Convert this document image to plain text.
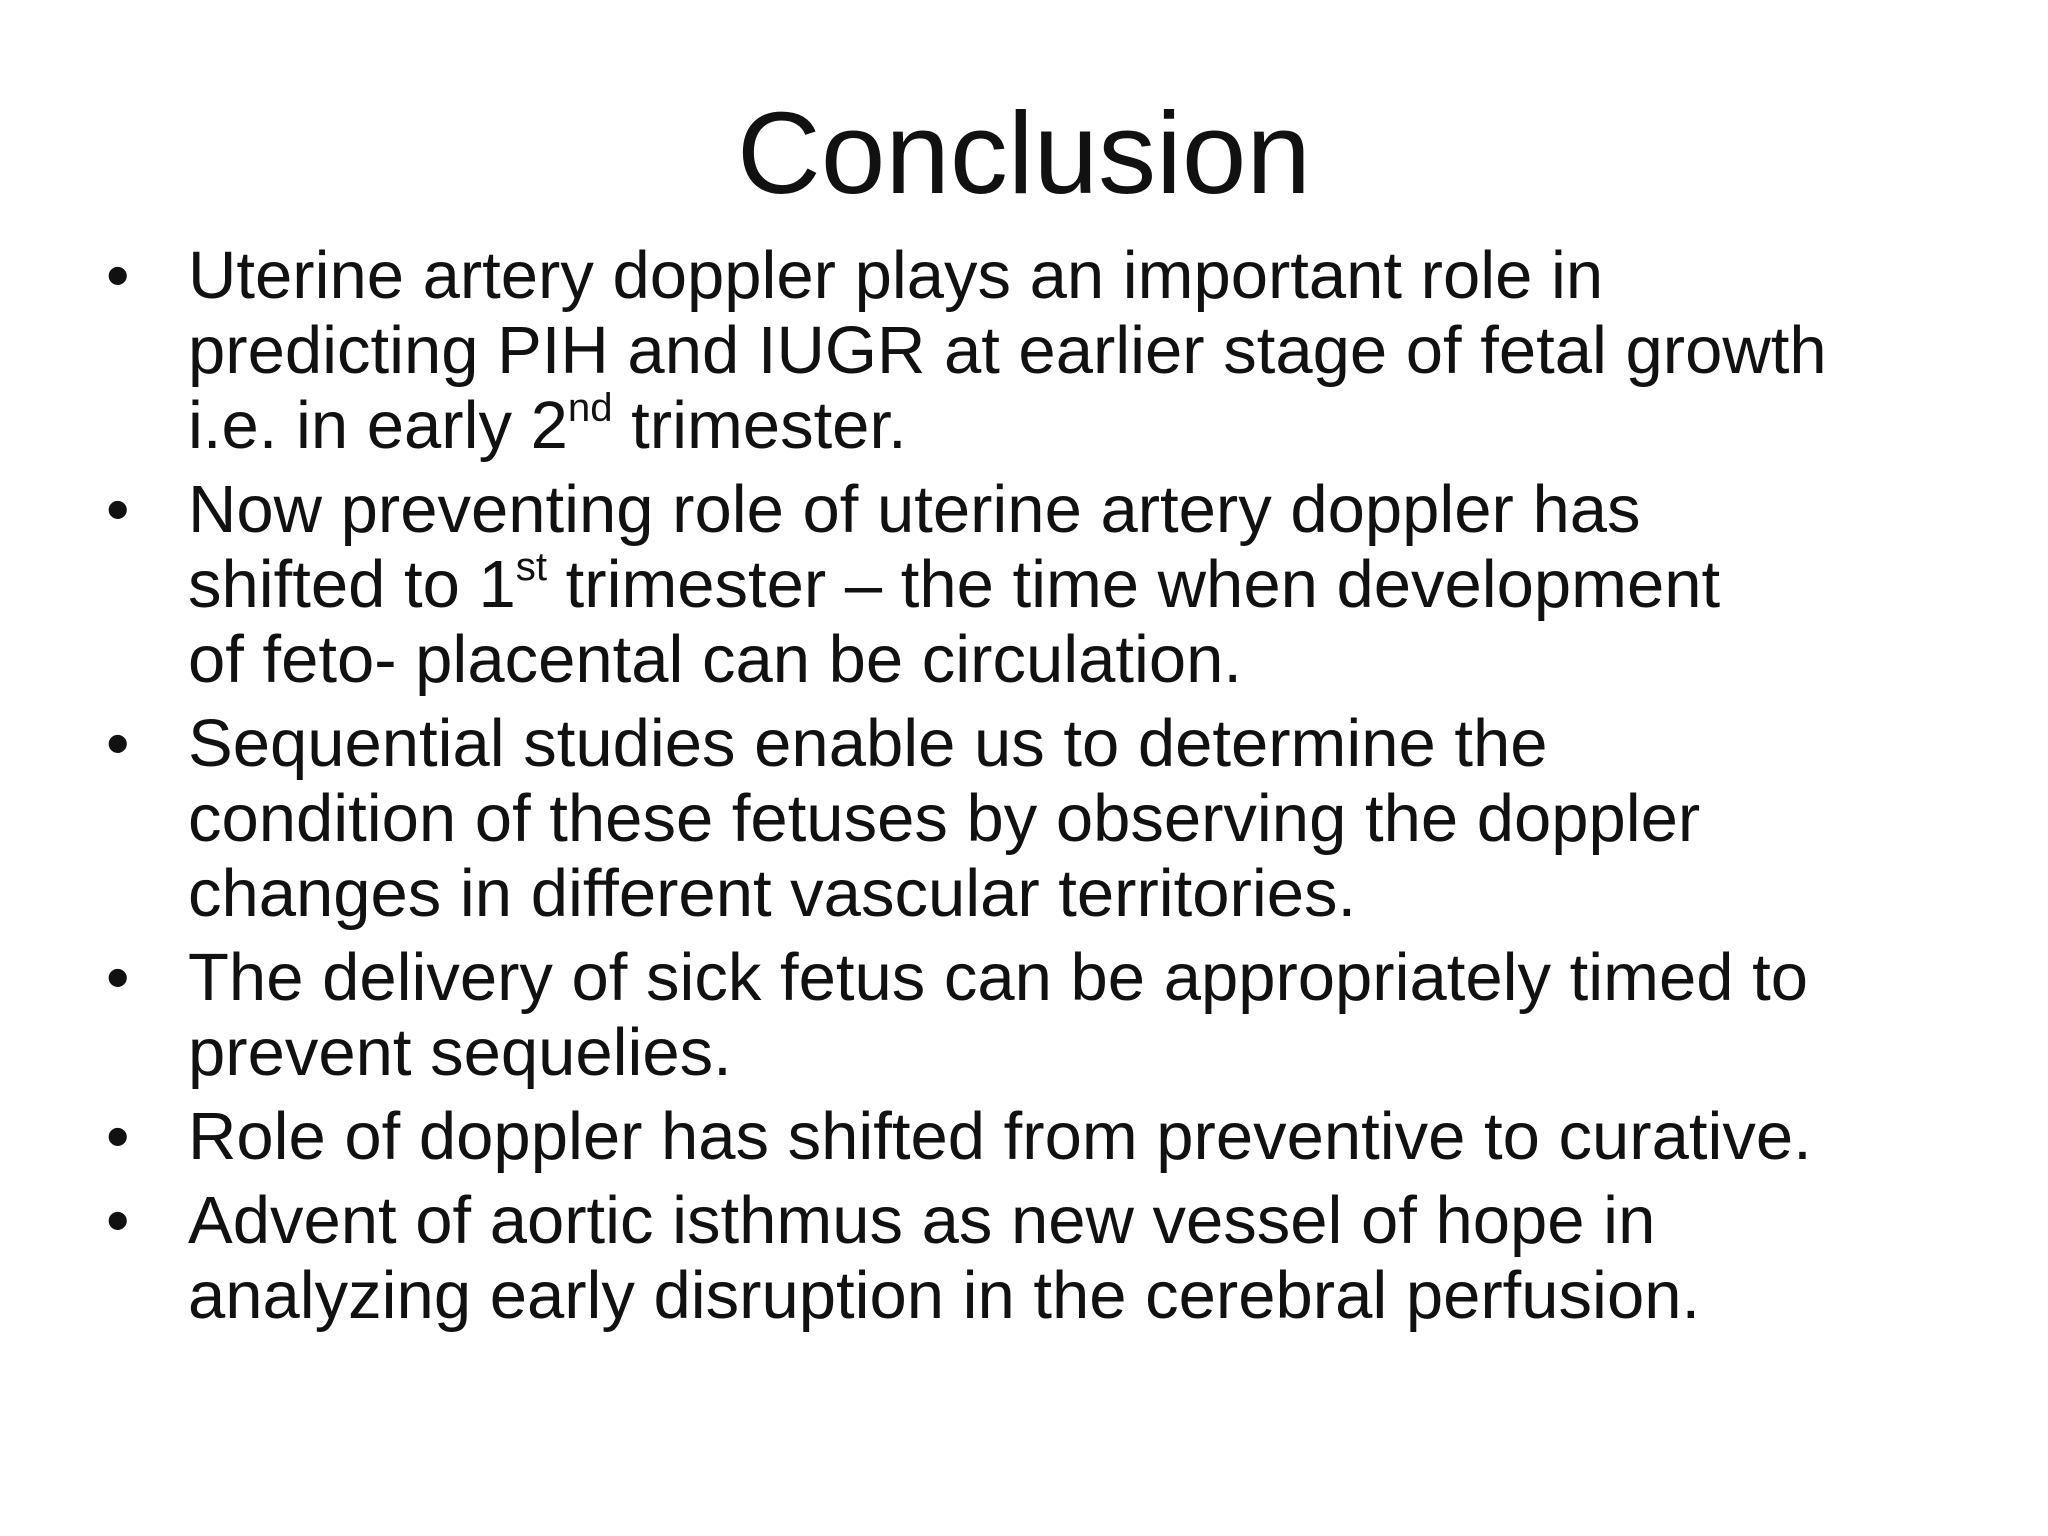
Conclusion
• Uterine artery doppler plays an important role in
predicting PIH and IUGR at earlier stage of fetal growth
i.e. in early 2nd trimester.
• Now preventing role of uterine artery doppler has
shifted to 1st trimester – the time when development
of feto- placental can be circulation.
• Sequential studies enable us to determine the
condition of these fetuses by observing the doppler
changes in different vascular territories.
• The delivery of sick fetus can be appropriately timed to
prevent sequelies.
• Role of doppler has shifted from preventive to curative.
• Advent of aortic isthmus as new vessel of hope in
analyzing early disruption in the cerebral perfusion.
